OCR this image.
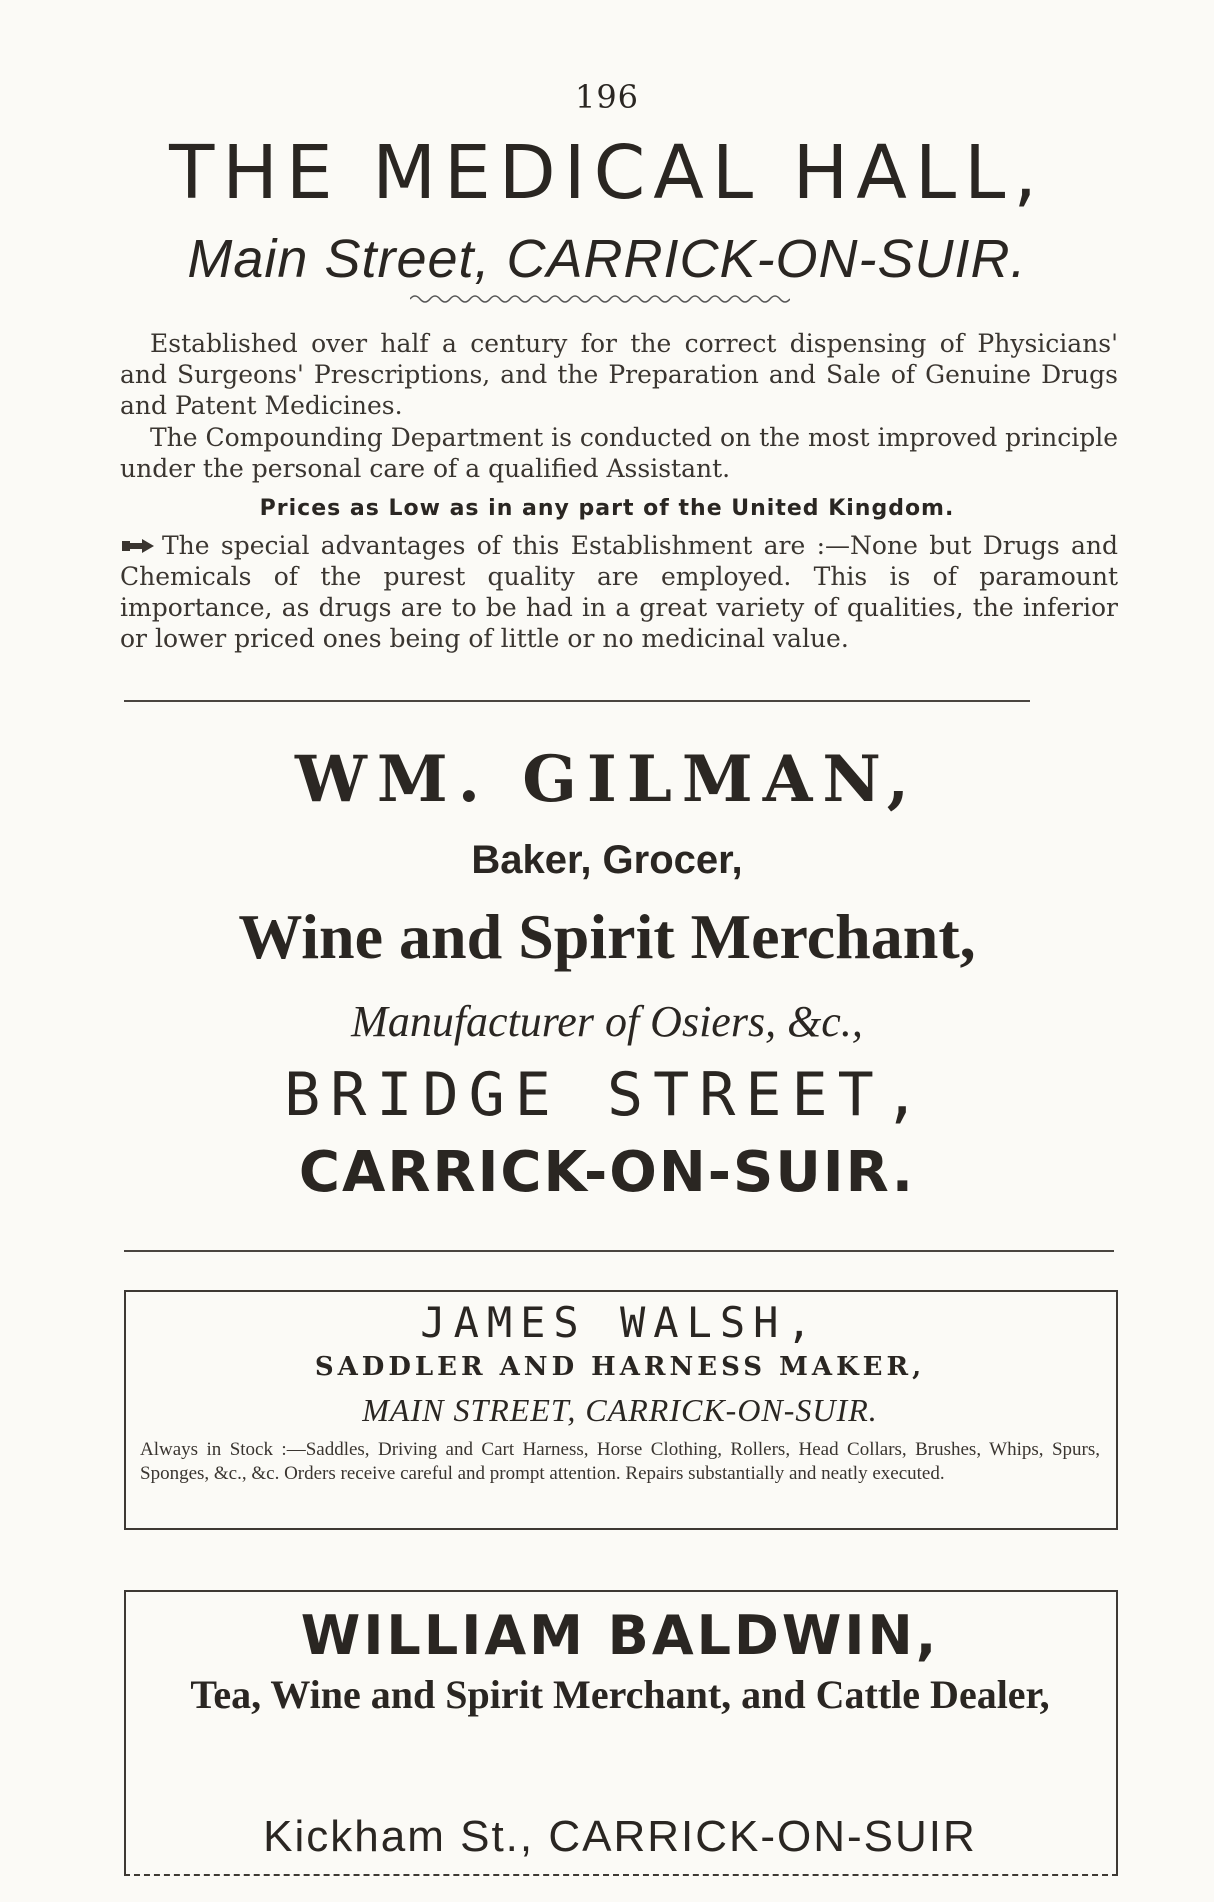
196
THE MEDICAL HALL,
Main Street, CARRICK-ON-SUIR.
Established over half a century for the correct dispensing of Physicians' and Surgeons' Prescriptions, and the Preparation and Sale of Genuine Drugs and Patent Medicines.
The Compounding Department is conducted on the most improved principle under the personal care of a qualified Assistant.
Prices as Low as in any part of the United Kingdom.
The special advantages of this Establishment are :—None but Drugs and Chemicals of the purest quality are employed. This is of paramount importance, as drugs are to be had in a great variety of qualities, the inferior or lower priced ones being of little or no medicinal value.
WM. GILMAN,
Baker, Grocer,
Wine and Spirit Merchant,
Manufacturer of Osiers, &c.,
BRIDGE STREET,
CARRICK-ON-SUIR.
JAMES WALSH,
SADDLER AND HARNESS MAKER,
MAIN STREET, CARRICK-ON-SUIR.
Always in Stock :—Saddles, Driving and Cart Harness, Horse Clothing, Rollers, Head Collars, Brushes, Whips, Spurs, Sponges, &c., &c. Orders receive careful and prompt attention. Repairs substantially and neatly executed.
WILLIAM BALDWIN,
Tea, Wine and Spirit Merchant, and Cattle Dealer,
Kickham St., CARRICK-ON-SUIR
